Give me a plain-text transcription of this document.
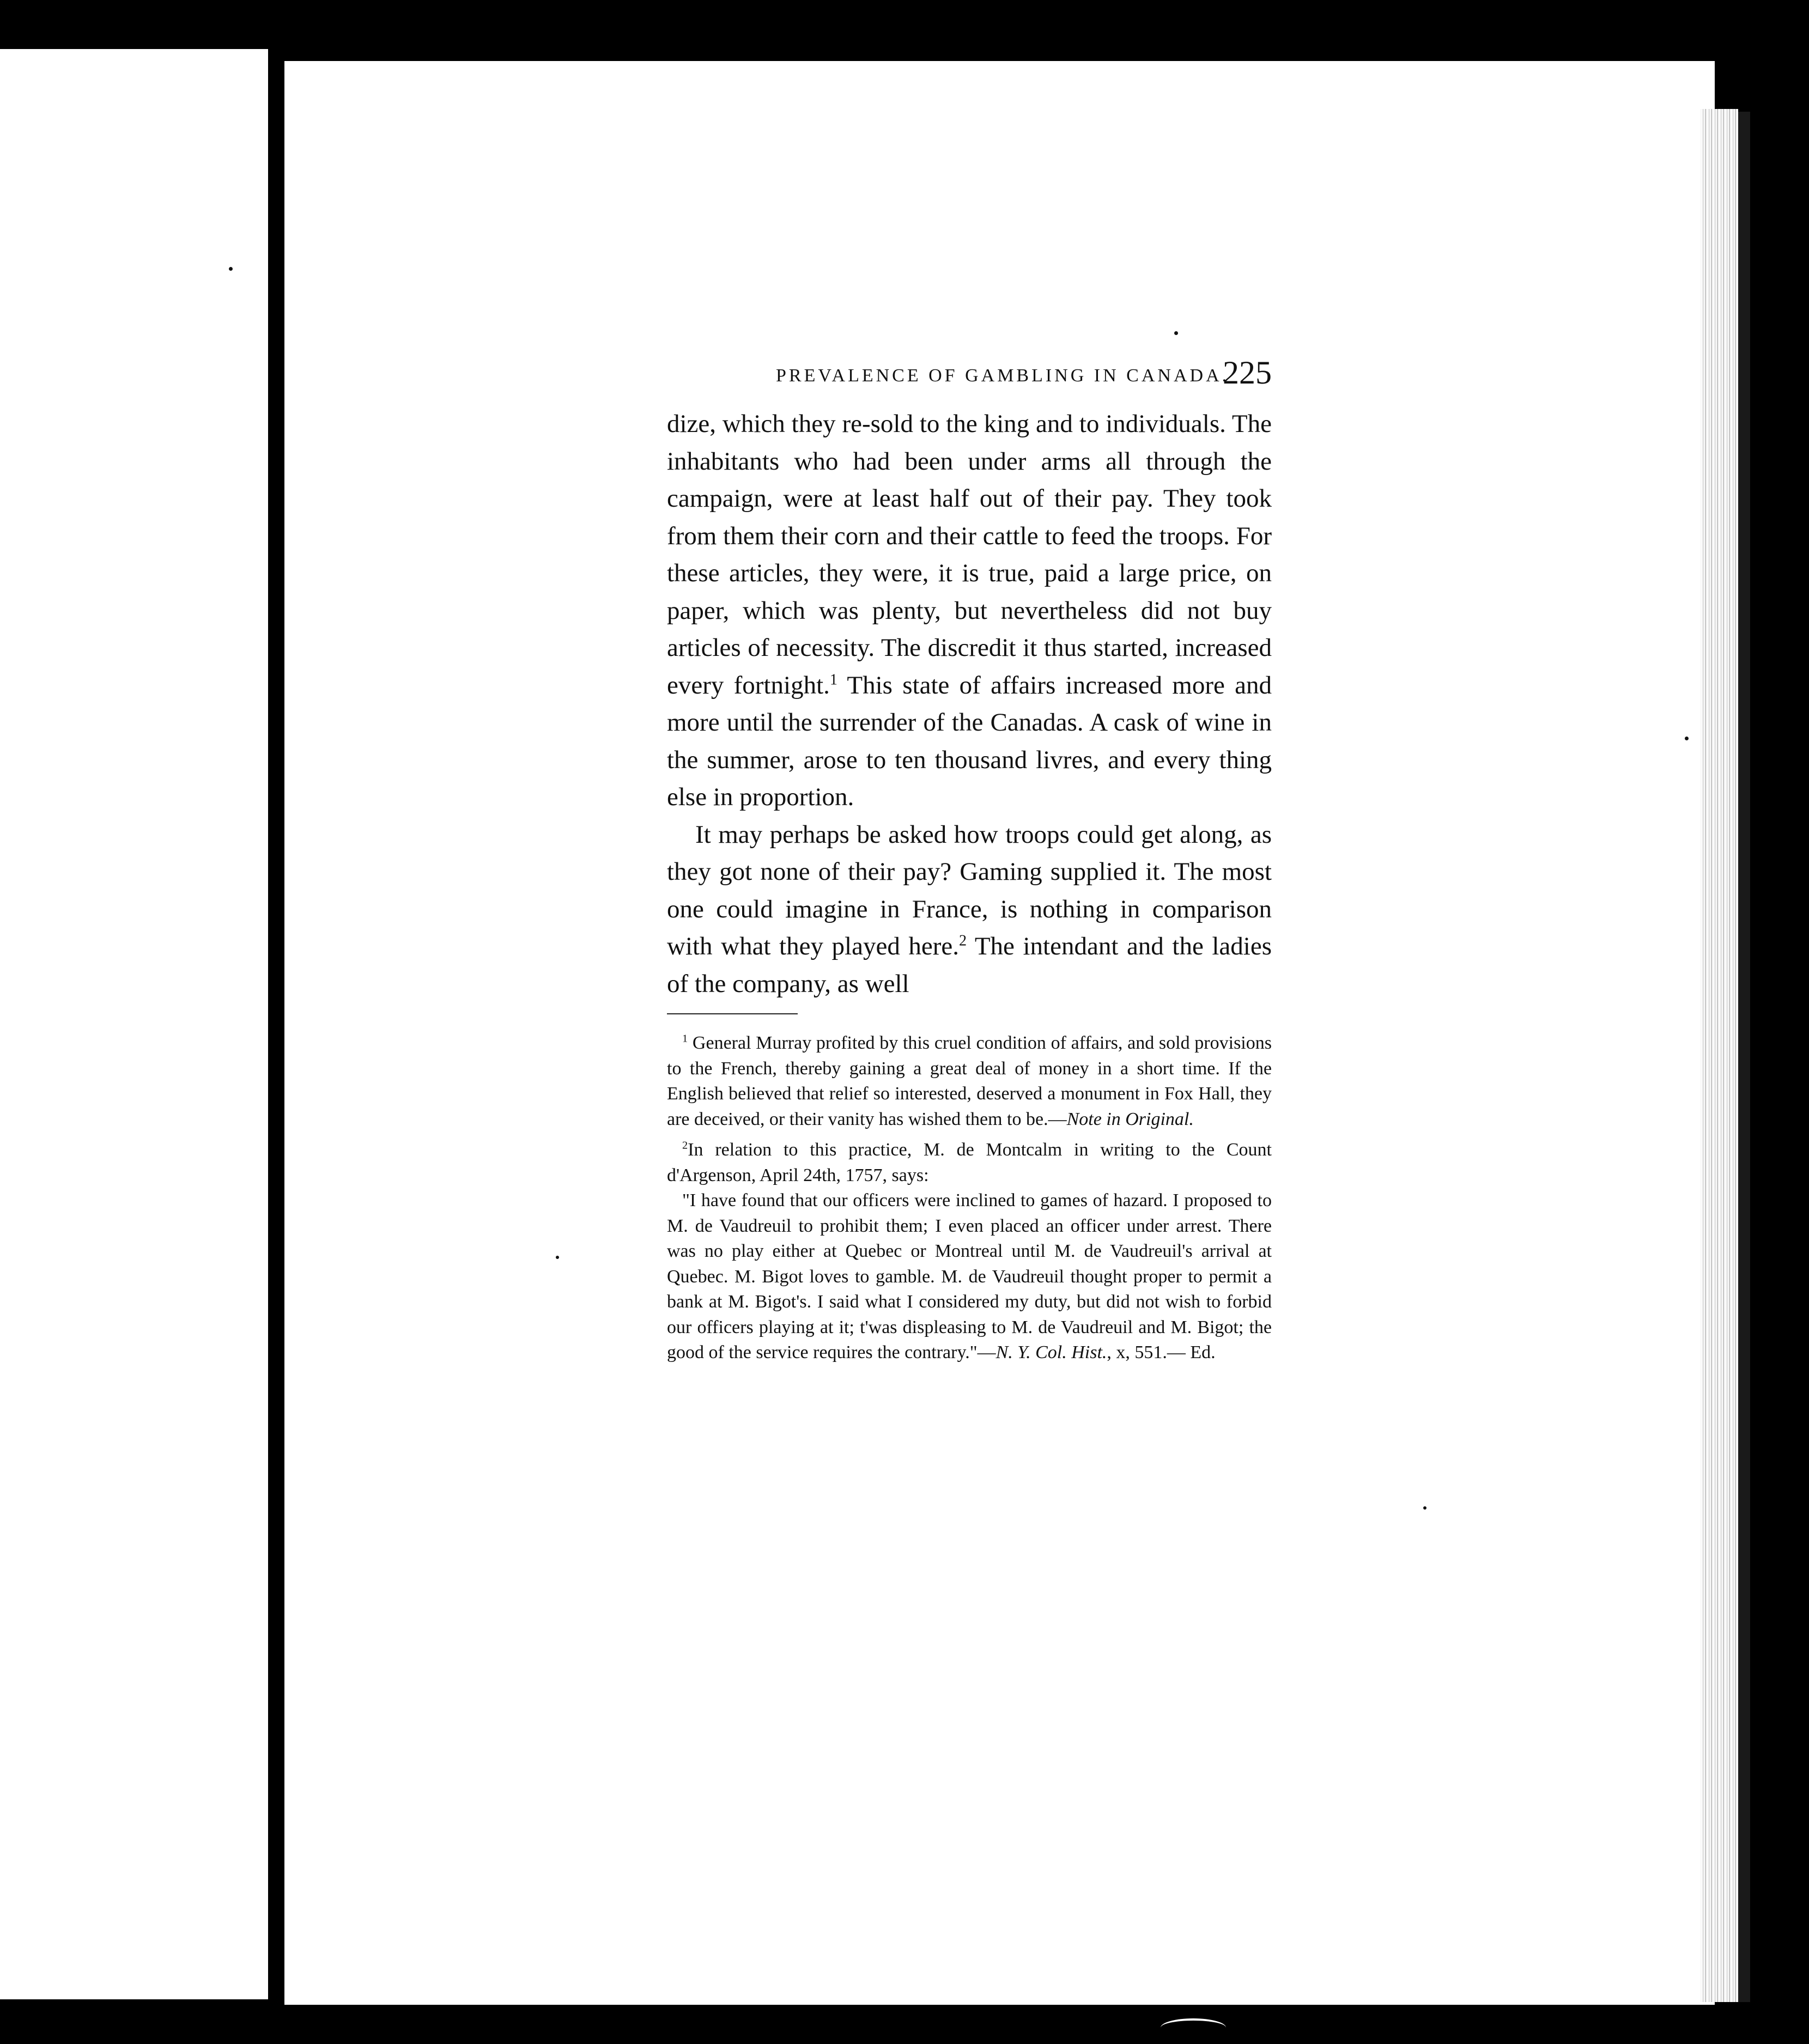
PREVALENCE OF GAMBLING IN CANADA.
225

dize, which they re-sold to the king and to individuals. The inhabitants who had been under arms all through the campaign, were at least half out of their pay. They took from them their corn and their cattle to feed the troops. For these articles, they were, it is true, paid a large price, on paper, which was plenty, but nevertheless did not buy articles of necessity. The discredit it thus started, increased every fortnight.$^1$ This state of affairs increased more and more until the surrender of the Canadas. A cask of wine in the summer, arose to ten thousand livres, and every thing else in proportion.

It may perhaps be asked how troops could get along, as they got none of their pay? Gaming supplied it. The most one could imagine in France, is nothing in comparison with what they played here.$^2$ The intendant and the ladies of the company, as well

$^1$ General Murray profited by this cruel condition of affairs, and sold provisions to the French, thereby gaining a great deal of money in a short time. If the English believed that relief so interested, deserved a monument in Fox Hall, they are deceived, or their vanity has wished them to be.—Note in Original.

$^2$In relation to this practice, M. de Montcalm in writing to the Count d'Argenson, April 24th, 1757, says:

"I have found that our officers were inclined to games of hazard. I proposed to M. de Vaudreuil to prohibit them; I even placed an officer under arrest. There was no play either at Quebec or Montreal until M. de Vaudreuil's arrival at Quebec. M. Bigot loves to gamble. M. de Vaudreuil thought proper to permit a bank at M. Bigot's. I said what I considered my duty, but did not wish to forbid our officers playing at it; t'was displeasing to M. de Vaudreuil and M. Bigot; the good of the service requires the contrary."—N. Y. Col. Hist., x, 551.— Ed.
